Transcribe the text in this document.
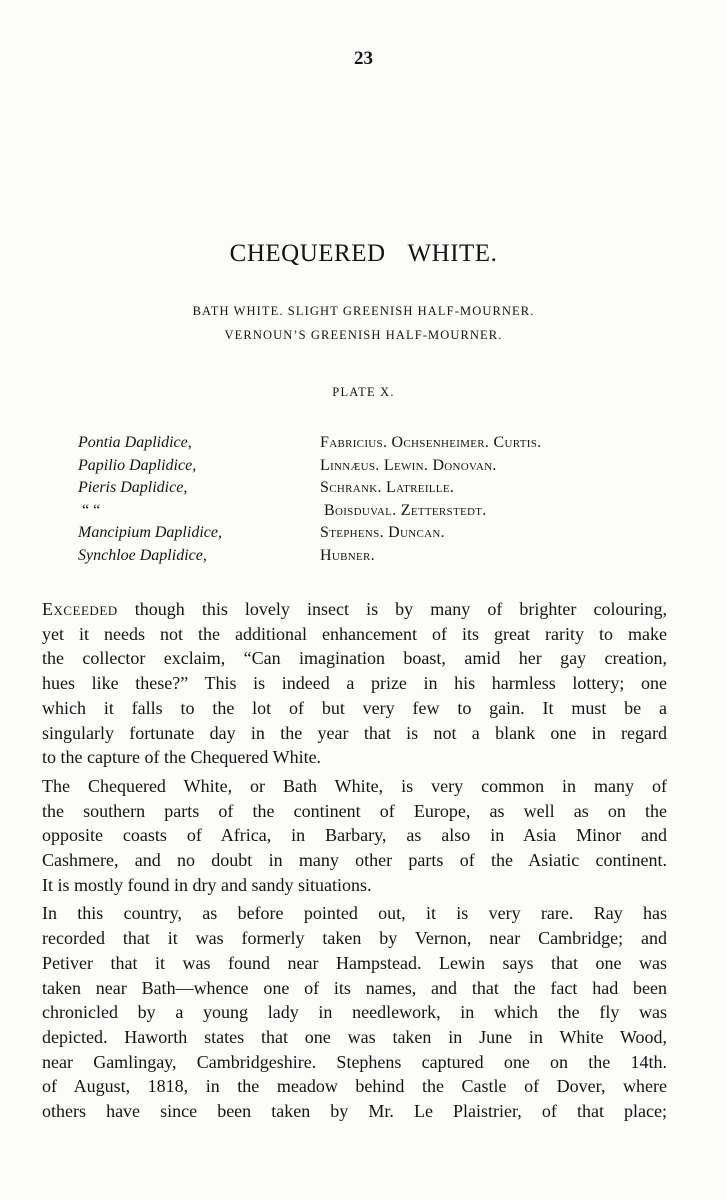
23
CHEQUERED WHITE.
BATH WHITE. SLIGHT GREENISH HALF-MOURNER.
VERNOUN’S GREENISH HALF-MOURNER.
PLATE X.
Pontia Daplidice,	Fabricius. Ochsenheimer. Curtis.
Papilio Daplidice,	Linnæus. Lewin. Donovan.
Pieris Daplidice,	Schrank. Latreille.
“ “	Boisduval. Zetterstedt.
Mancipium Daplidice,	Stephens. Duncan.
Synchloe Daplidice,	Hubner.

Exceeded though this lovely insect is by many of brighter colouring,
yet it needs not the additional enhancement of its great rarity to make
the collector exclaim, “Can imagination boast, amid her gay creation,
hues like these?” This is indeed a prize in his harmless lottery; one
which it falls to the lot of but very few to gain. It must be a
singularly fortunate day in the year that is not a blank one in regard
to the capture of the Chequered White.

The Chequered White, or Bath White, is very common in many of
the southern parts of the continent of Europe, as well as on the
opposite coasts of Africa, in Barbary, as also in Asia Minor and
Cashmere, and no doubt in many other parts of the Asiatic continent.
It is mostly found in dry and sandy situations.

In this country, as before pointed out, it is very rare. Ray has
recorded that it was formerly taken by Vernon, near Cambridge; and
Petiver that it was found near Hampstead. Lewin says that one was
taken near Bath—whence one of its names, and that the fact had been
chronicled by a young lady in needlework, in which the fly was
depicted. Haworth states that one was taken in June in White Wood,
near Gamlingay, Cambridgeshire. Stephens captured one on the 14th.
of August, 1818, in the meadow behind the Castle of Dover, where
others have since been taken by Mr. Le Plaistrier, of that place;
